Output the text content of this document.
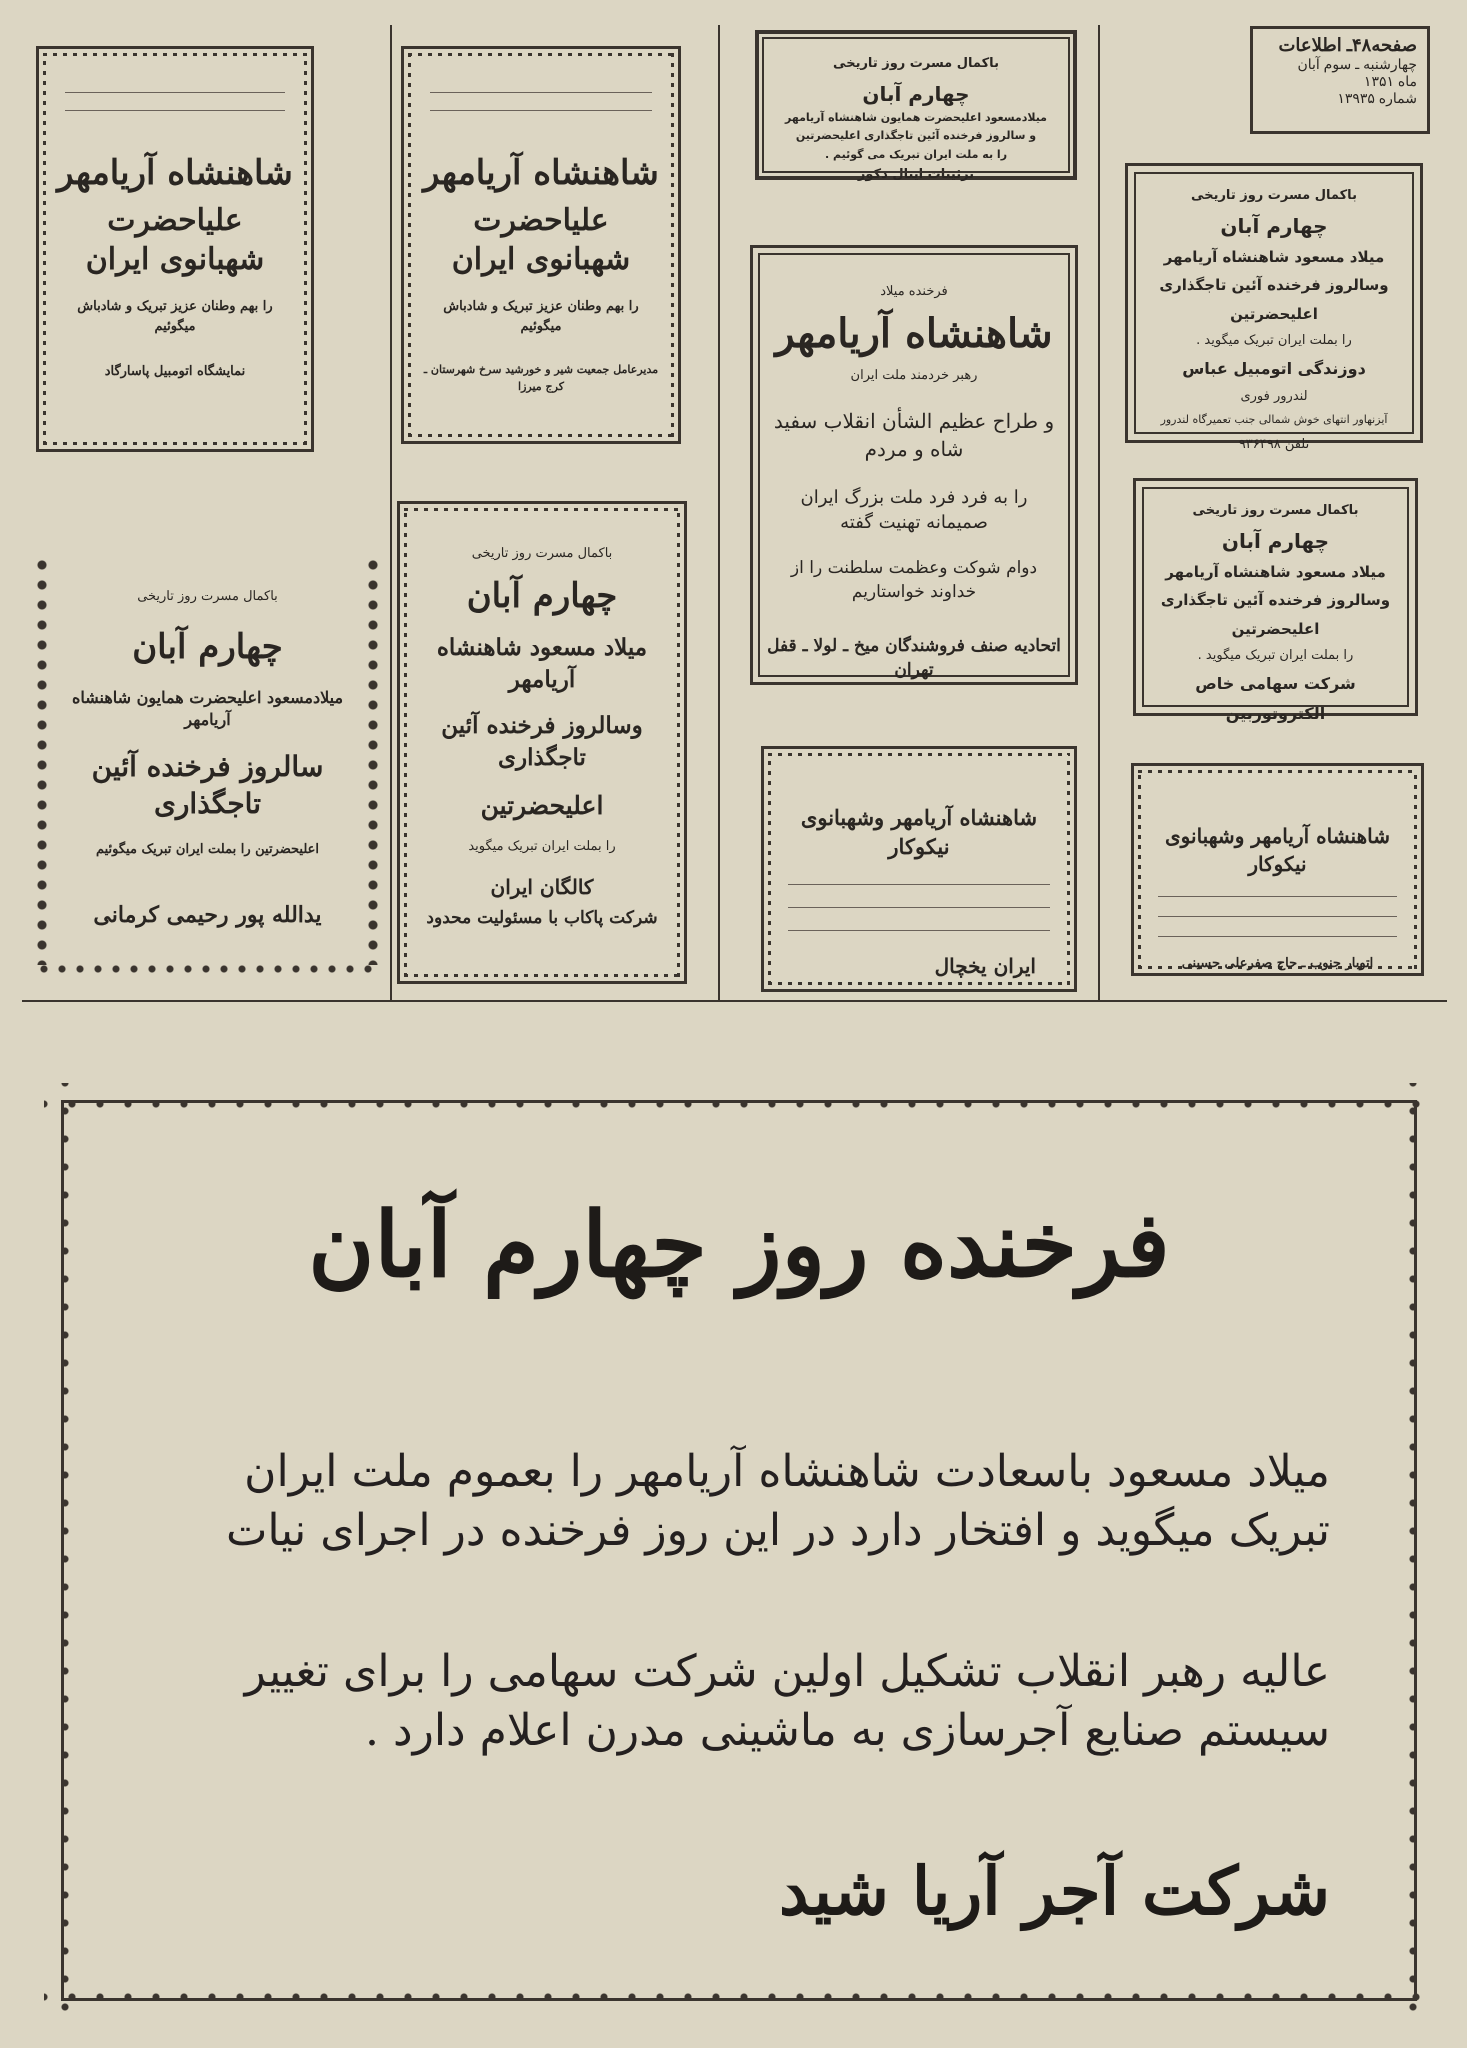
صفحه۴۸ـ اطلاعات
چهارشنبه ـ سوم آبان
ماه ۱۳۵۱
شماره ۱۳۹۳۵
باکمال مسرت روز تاریخی
چهارم آبان
میلاد مسعود شاهنشاه آریامهر
وسالروز فرخنده آئین تاجگذاری
اعلیحضرتین
را بملت ایران تبریک میگوید .
دوزندگی اتومبیل عباس
لندرور فوری
آیزنهاور انتهای خوش شمالی جنب تعمیرگاه لندرور
تلفن ۹۳۶۴۹۸
باکمال مسرت روز تاریخی
چهارم آبان
میلاد مسعود شاهنشاه آریامهر
وسالروز فرخنده آئین تاجگذاری
اعلیحضرتین
را بملت ایران تبریک میگوید .
شرکت سهامی خاص
الکتروتوربین
شاهنشاه آریامهر وشهبانوی نیکوکار
اتوبار جنوب ـ حاج صفرعلی حسینی
باکمال مسرت روز تاریخی
چهارم آبان
میلادمسعود اعلیحضرت همایون شاهنشاه آریامهر
و سالروز فرخنده آئین تاجگذاری اعلیحضرتین
را به ملت ایران تبریک می گوئیم .
تزئینات اینال دکور
فرخنده میلاد
شاهنشاه آریامهر
رهبر خردمند ملت ایران
و طراح عظیم الشأن انقلاب سفید شاه و مردم
را به فرد فرد ملت بزرگ ایران صمیمانه تهنیت گفته
دوام شوکت وعظمت سلطنت را از خداوند خواستاریم
اتحادیه صنف فروشندگان میخ ـ لولا ـ قفل تهران
شاهنشاه آریامهر وشهبانوی نیکوکار
ایران یخچال
شاهنشاه آریامهر
علیاحضرت شهبانوی ایران
را بهم وطنان عزیز تبریک و شادباش میگوئیم
مدیرعامل جمعیت شیر و خورشید سرخ شهرستان ـ کرج میرزا
باکمال مسرت روز تاریخی
چهارم آبان
میلاد مسعود شاهنشاه آریامهر
وسالروز فرخنده آئین تاجگذاری
اعلیحضرتین
را بملت ایران تبریک میگوید
کالگان ایران
شرکت پاکاب با مسئولیت محدود
شاهنشاه آریامهر
علیاحضرت شهبانوی ایران
را بهم وطنان عزیز تبریک و شادباش میگوئیم
نمایشگاه اتومبیل پاسارگاد
باکمال مسرت روز تاریخی
چهارم آبان
میلادمسعود اعلیحضرت همایون شاهنشاه آریامهر
سالروز فرخنده آئین تاجگذاری
اعلیحضرتین را بملت ایران تبریک میگوئیم
یدالله پور رحیمی کرمانی
فرخنده روز چهارم آبان
میلاد مسعود باسعادت شاهنشاه آریامهر را بعموم ملت ایران تبریک میگوید و افتخار دارد در این روز فرخنده در اجرای نیات
عالیه رهبر انقلاب تشکیل اولین شرکت سهامی را برای تغییر سیستم صنایع آجرسازی به ماشینی مدرن اعلام دارد .
شرکت آجر آریا شید
